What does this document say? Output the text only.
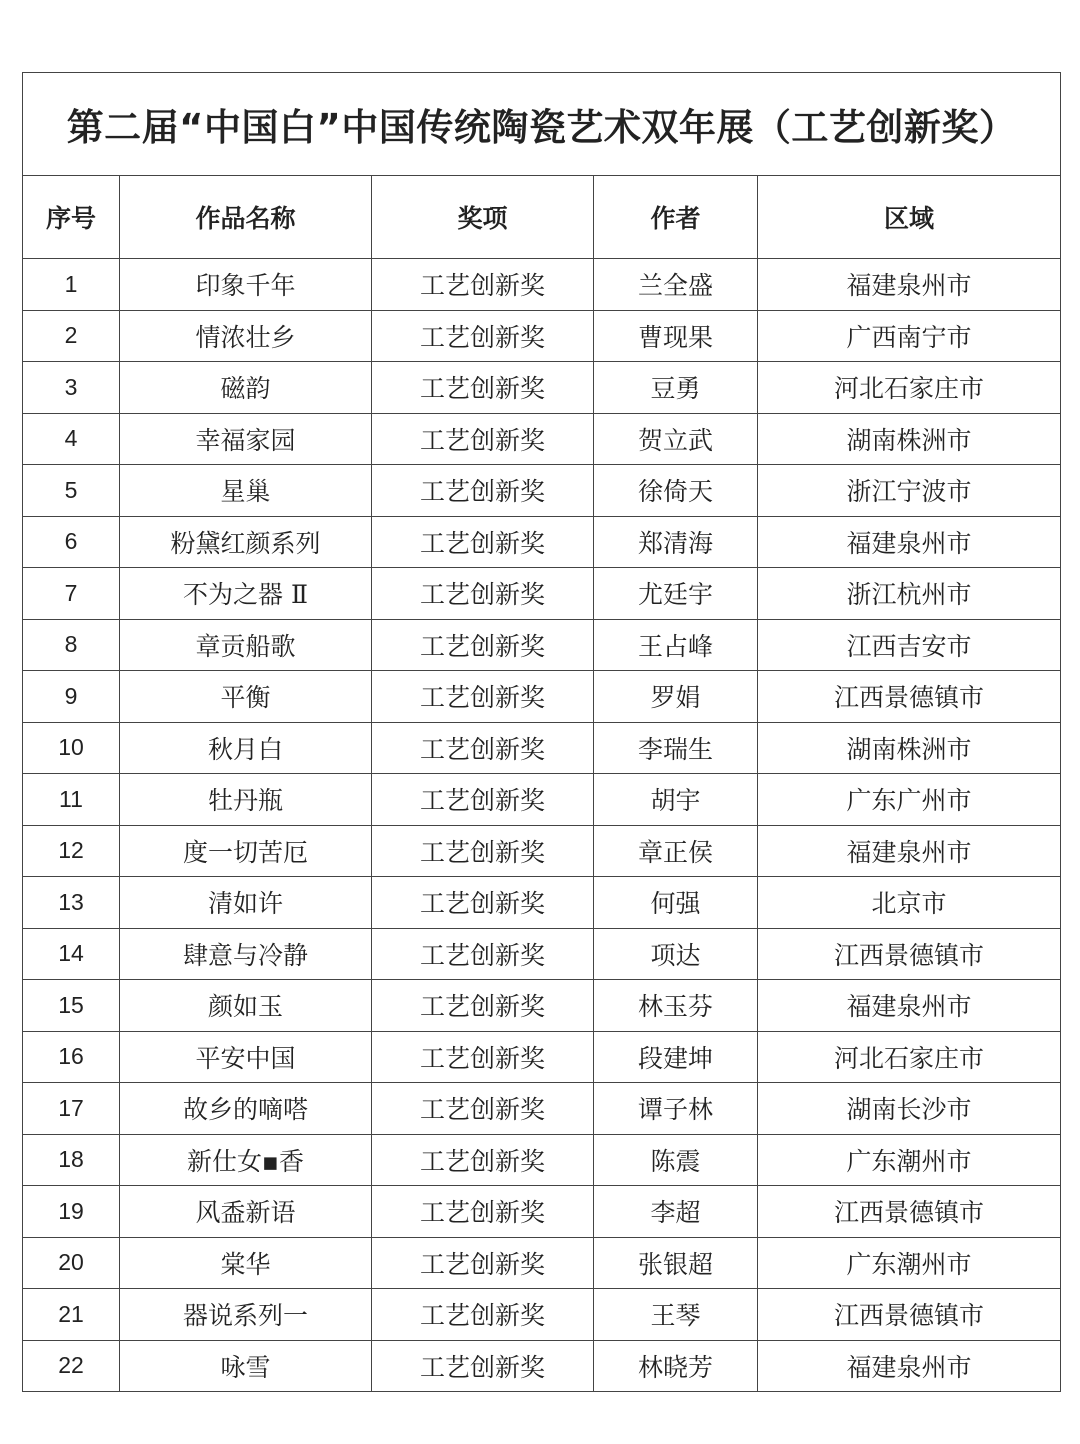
第二届“中国白”中国传统陶瓷艺术双年展（工艺创新奖）				
序号	作品名称	奖项	作者	区域
1	印象千年	工艺创新奖	兰全盛	福建泉州市
2	情浓壮乡	工艺创新奖	曹现果	广西南宁市
3	磁韵	工艺创新奖	豆勇	河北石家庄市
4	幸福家园	工艺创新奖	贺立武	湖南株洲市
5	星巢	工艺创新奖	徐倚天	浙江宁波市
6	粉黛红颜系列	工艺创新奖	郑清海	福建泉州市
7	不为之器 Ⅱ	工艺创新奖	尤廷宇	浙江杭州市
8	章贡船歌	工艺创新奖	王占峰	江西吉安市
9	平衡	工艺创新奖	罗娟	江西景德镇市
10	秋月白	工艺创新奖	李瑞生	湖南株洲市
11	牡丹瓶	工艺创新奖	胡宇	广东广州市
12	度一切苦厄	工艺创新奖	章正侯	福建泉州市
13	清如许	工艺创新奖	何强	北京市
14	肆意与冷静	工艺创新奖	项达	江西景德镇市
15	颜如玉	工艺创新奖	林玉芬	福建泉州市
16	平安中国	工艺创新奖	段建坤	河北石家庄市
17	故乡的嘀嗒	工艺创新奖	谭子林	湖南长沙市
18	新仕女▪香	工艺创新奖	陈震	广东潮州市
19	风盉新语	工艺创新奖	李超	江西景德镇市
20	棠华	工艺创新奖	张银超	广东潮州市
21	器说系列一	工艺创新奖	王琴	江西景德镇市
22	咏雪	工艺创新奖	林晓芳	福建泉州市
